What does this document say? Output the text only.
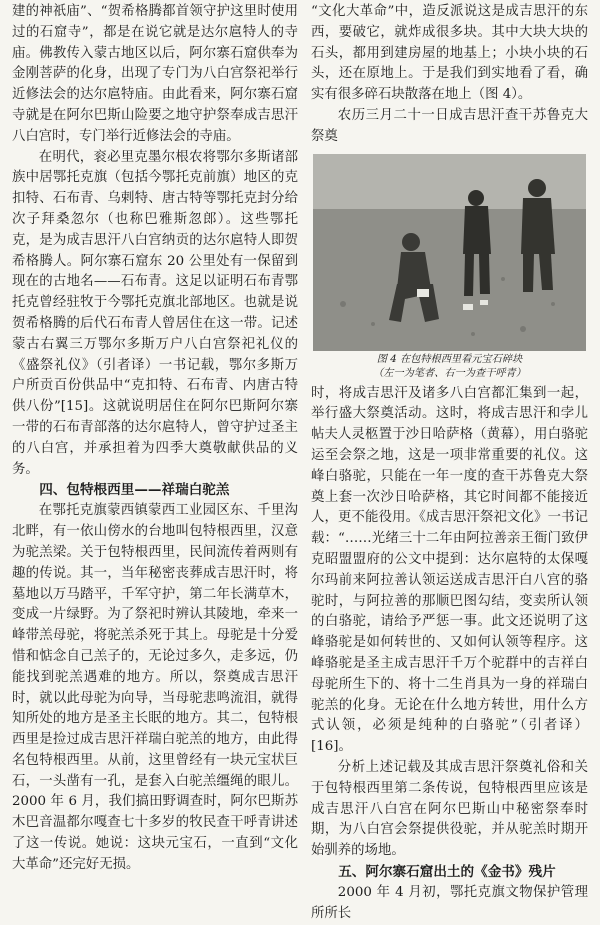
建的神祇庙”、“贺希格腾都首领守护这里时使用过的石窟寺”，都是在说它就是达尔扈特人的寺庙。佛教传入蒙古地区以后，阿尔寨石窟供奉为金刚菩萨的化身，出现了专门为八白宫祭祀举行近修法会的达尔扈特庙。由此看来，阿尔寨石窟寺就是在阿尔巴斯山险要之地守护祭奉成吉思汗八白宫时，专门举行近修法会的寺庙。

在明代，衮必里克墨尔根农将鄂尔多斯诸部族中居鄂托克旗（包括今鄂托克前旗）地区的克扣特、石布青、乌剌特、唐古特等鄂托克封分给次子拜桑忽尔（也称巴雅斯忽郎）。这些鄂托克，是为成吉思汗八白宫纳贡的达尔扈特人即贺希格腾人。阿尔寨石窟东 20 公里处有一保留到现在的古地名——石布青。这足以证明石布青鄂托克曾经驻牧于今鄂托克旗北部地区。也就是说贺希格腾的后代石布青人曾居住在这一带。记述蒙古右翼三万鄂尔多斯万户八白宫祭祀礼仪的《盛祭礼仪》（引者译）一书记载，鄂尔多斯万户所贡百份供品中“克扣特、石布青、内唐古特供八份”[15]。这就说明居住在阿尔巴斯阿尔寨一带的石布青部落的达尔扈特人，曾守护过圣主的八白宫，并承担着为四季大奠敬献供品的义务。

四、包特根西里——祥瑞白驼羔

在鄂托克旗蒙西镇蒙西工业园区东、千里沟北畔，有一依山傍水的台地叫包特根西里，汉意为驼羔梁。关于包特根西里，民间流传着两则有趣的传说。其一，当年秘密丧葬成吉思汗时，将墓地以万马踏平，千军守护，第二年长满草木，变成一片绿野。为了祭祀时辨认其陵地，牵来一峰带羔母驼，将驼羔杀死于其上。母驼是十分爱惜和惦念自己羔子的，无论过多久，走多远，仍能找到驼羔遇难的地方。所以，祭奠成吉思汗时，就以此母驼为向导，当母驼悲鸣流泪，就得知所处的地方是圣主长眠的地方。其二，包特根西里是捡过成吉思汗祥瑞白驼羔的地方，由此得名包特根西里。从前，这里曾经有一块元宝状巨石，一头凿有一孔，是套入白驼羔缰绳的眼儿。2000 年 6 月，我们搞田野调查时，阿尔巴斯苏木巴音温都尔嘎查七十多岁的牧民查干呼青讲述了这一传说。她说：这块元宝石，一直到“文化大革命”还完好无损。

“文化大革命”中，造反派说这是成吉思汗的东西，要破它，就炸成很多块。其中大块大块的石头，都用到建房屋的地基上；小块小块的石头，还在原地上。于是我们到实地看了看，确实有很多碎石块散落在地上（图 4）。

农历三月二十一日成吉思汗查干苏鲁克大祭奠

图 4 在包特根西里看元宝石碎块
（左一为笔者、右一为查干呼青）

时，将成吉思汗及诸多八白宫都汇集到一起，举行盛大祭奠活动。这时，将成吉思汗和孛儿帖夫人灵柩置于沙日哈萨格（黄幕），用白骆驼运至会祭之地，这是一项非常重要的礼仪。这峰白骆驼，只能在一年一度的查干苏鲁克大祭奠上套一次沙日哈萨格，其它时间都不能接近人，更不能役用。《成吉思汗祭祀文化》一书记载：“……光绪三十二年由阿拉善亲王衙门致伊克昭盟盟府的公文中提到：达尔扈特的太保嘎尔玛前来阿拉善认领运送成吉思汗白八宫的骆驼时，与阿拉善的那顺巴图勾结，变卖所认领的白骆驼，请给予严惩一事。此文还说明了这峰骆驼是如何转世的、又如何认领等程序。这峰骆驼是圣主成吉思汗千万个驼群中的吉祥白母驼所生下的、将十二生肖具为一身的祥瑞白驼羔的化身。无论在什么地方转世，用什么方式认领，必须是纯种的白骆驼”（引者译）[16]。

分析上述记载及其成吉思汗祭奠礼俗和关于包特根西里第二条传说，包特根西里应该是成吉思汗八白宫在阿尔巴斯山中秘密祭奉时期，为八白宫会祭提供役驼，并从驼羔时期开始驯养的场地。

五、阿尔寨石窟出土的《金书》残片

2000 年 4 月初，鄂托克旗文物保护管理所所长
